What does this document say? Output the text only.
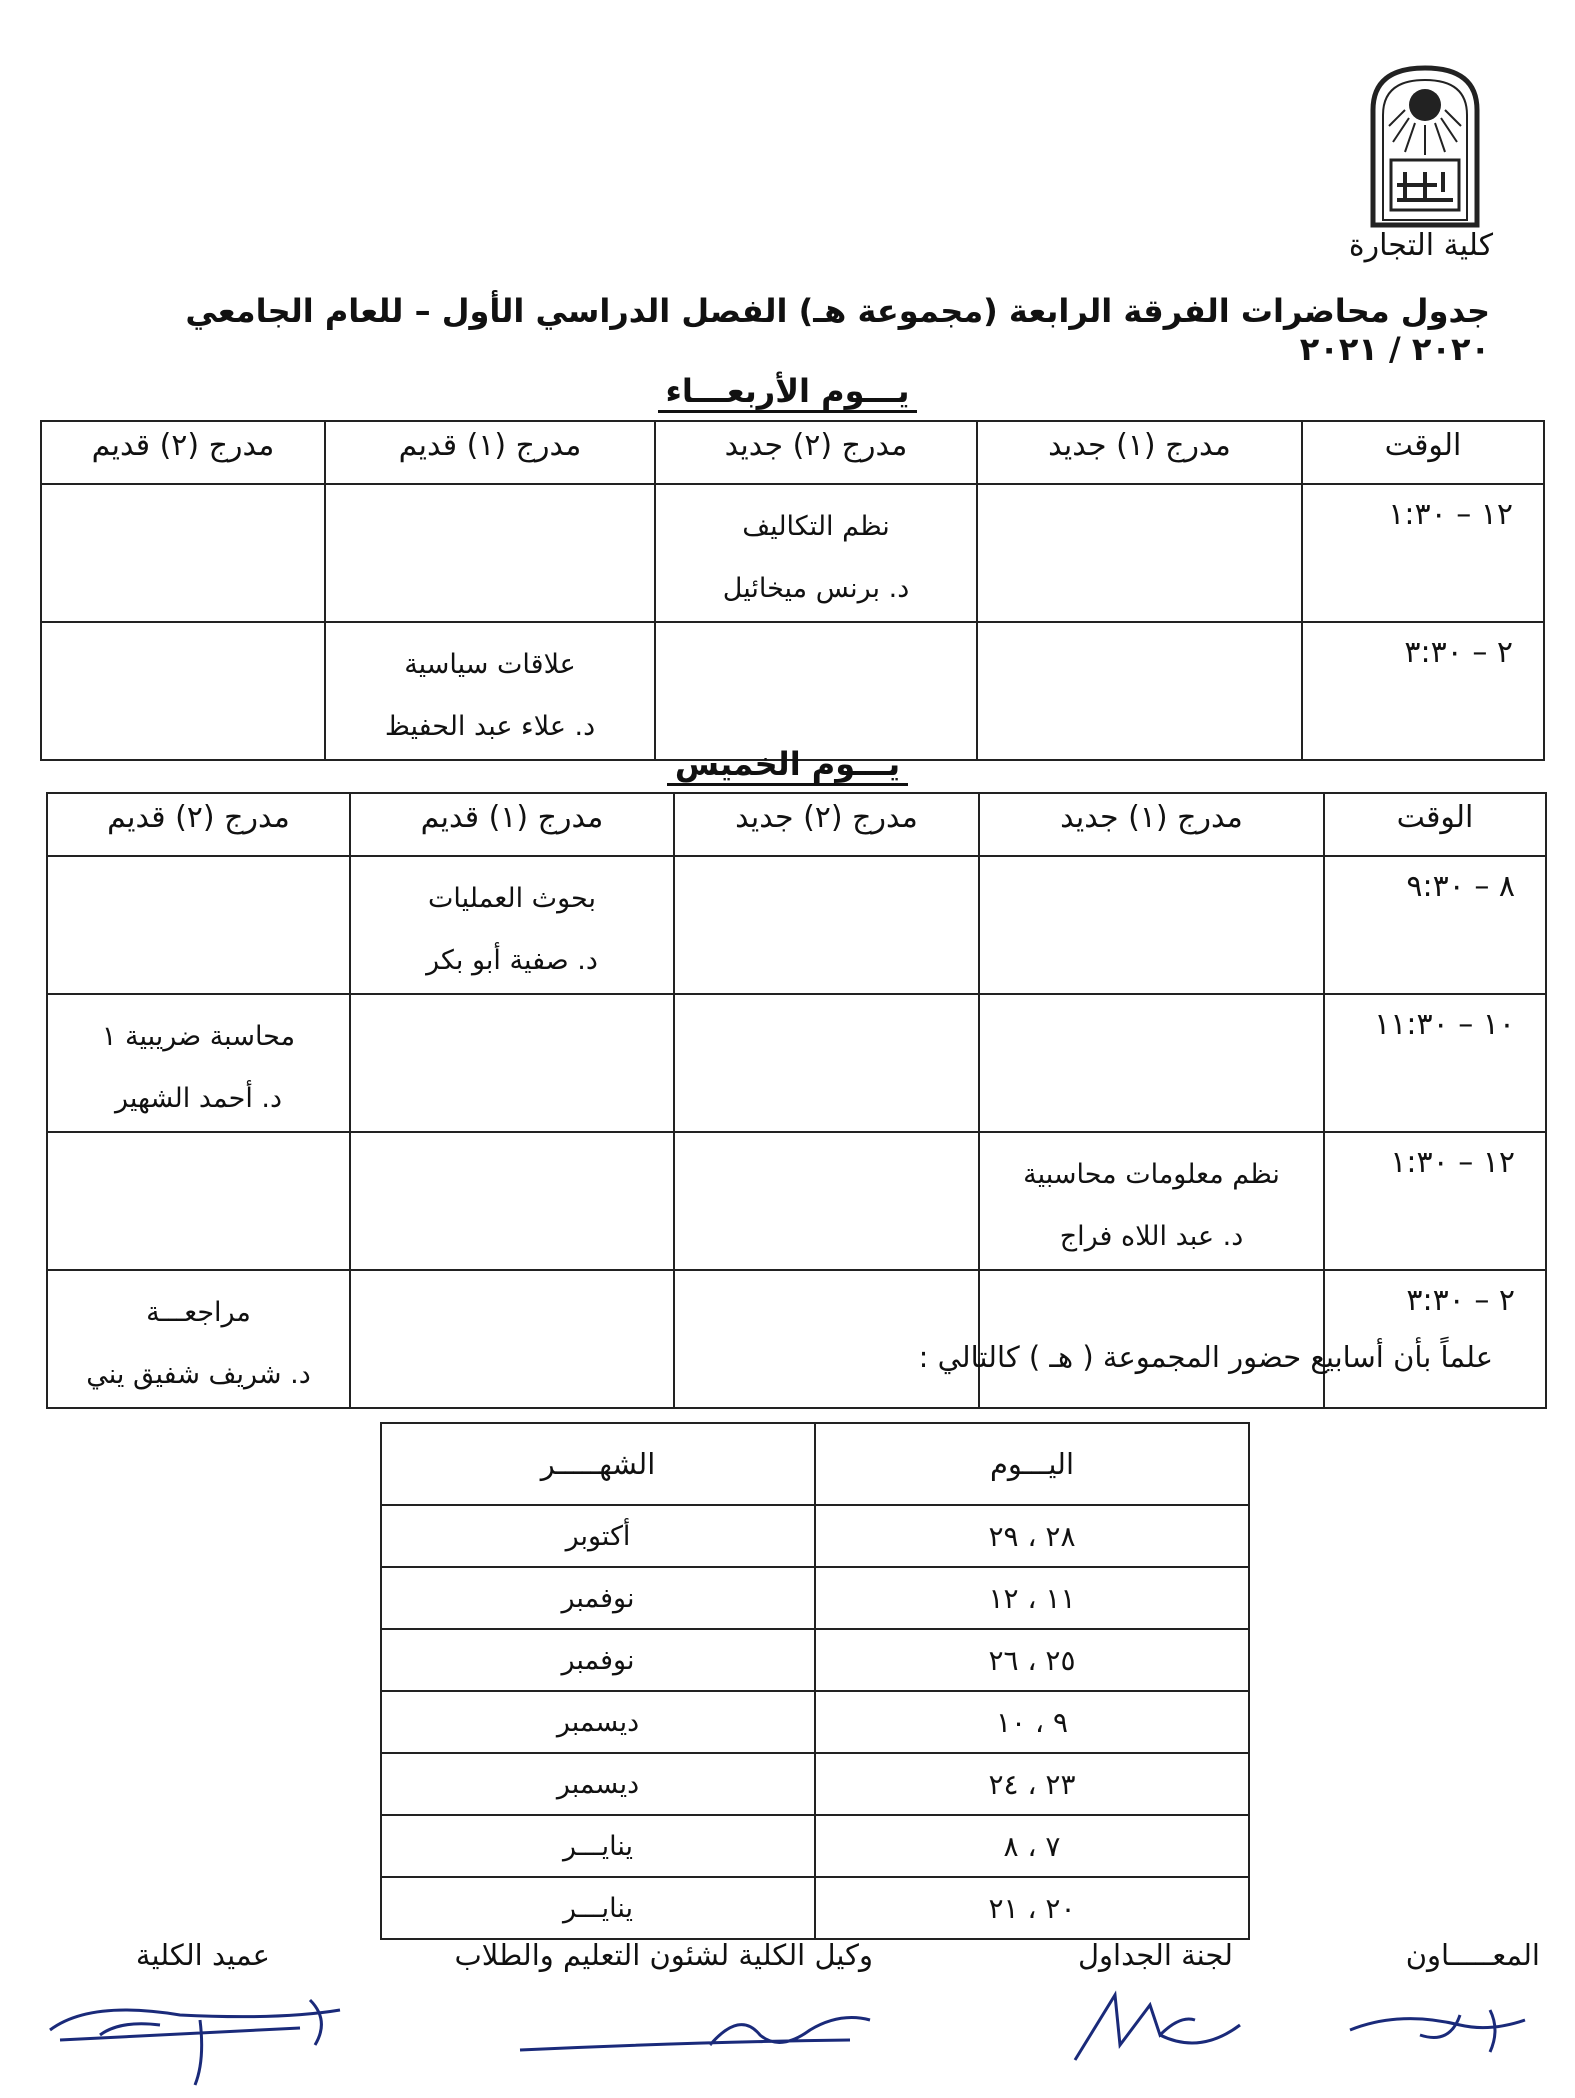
كلية التجارة
جدول محاضرات الفرقة الرابعة (مجموعة هـ) الفصل الدراسي الأول – للعام الجامعي ٢٠٢٠ / ٢٠٢١
يـــوم الأربعـــاء
الوقت	مدرج (١) جديد	مدرج (٢) جديد	مدرج (١) قديم	مدرج (٢) قديم
١٢ – ١:٣٠		نظم التكاليف
د. برنس ميخائيل		

٢ – ٣:٣٠			علاقات سياسية
د. علاء عبد الحفيظ	

يـــوم الخميس
الوقت	مدرج (١) جديد	مدرج (٢) جديد	مدرج (١) قديم	مدرج (٢) قديم
٨ – ٩:٣٠			بحوث العمليات
د. صفية أبو بكر	

١٠ – ١١:٣٠				محاسبة ضريبية ١
د. أحمد الشهير

١٢ – ١:٣٠	نظم معلومات محاسبية
د. عبد اللاه فراج			

٢ – ٣:٣٠				مراجعـــة
د. شريف شفيق يني
علماً بأن أسابيع حضور المجموعة ( هـ ) كالتالي :
اليـــوم	الشهـــــر
٢٨ ، ٢٩	أكتوبر
١١ ، ١٢	نوفمبر
٢٥ ، ٢٦	نوفمبر
٩ ، ١٠	ديسمبر
٢٣ ، ٢٤	ديسمبر
٧ ، ٨	ينايـــر
٢٠ ، ٢١	ينايـــر
المعـــــاون
لجنة الجداول
وكيل الكلية لشئون التعليم والطلاب
عميد الكلية
